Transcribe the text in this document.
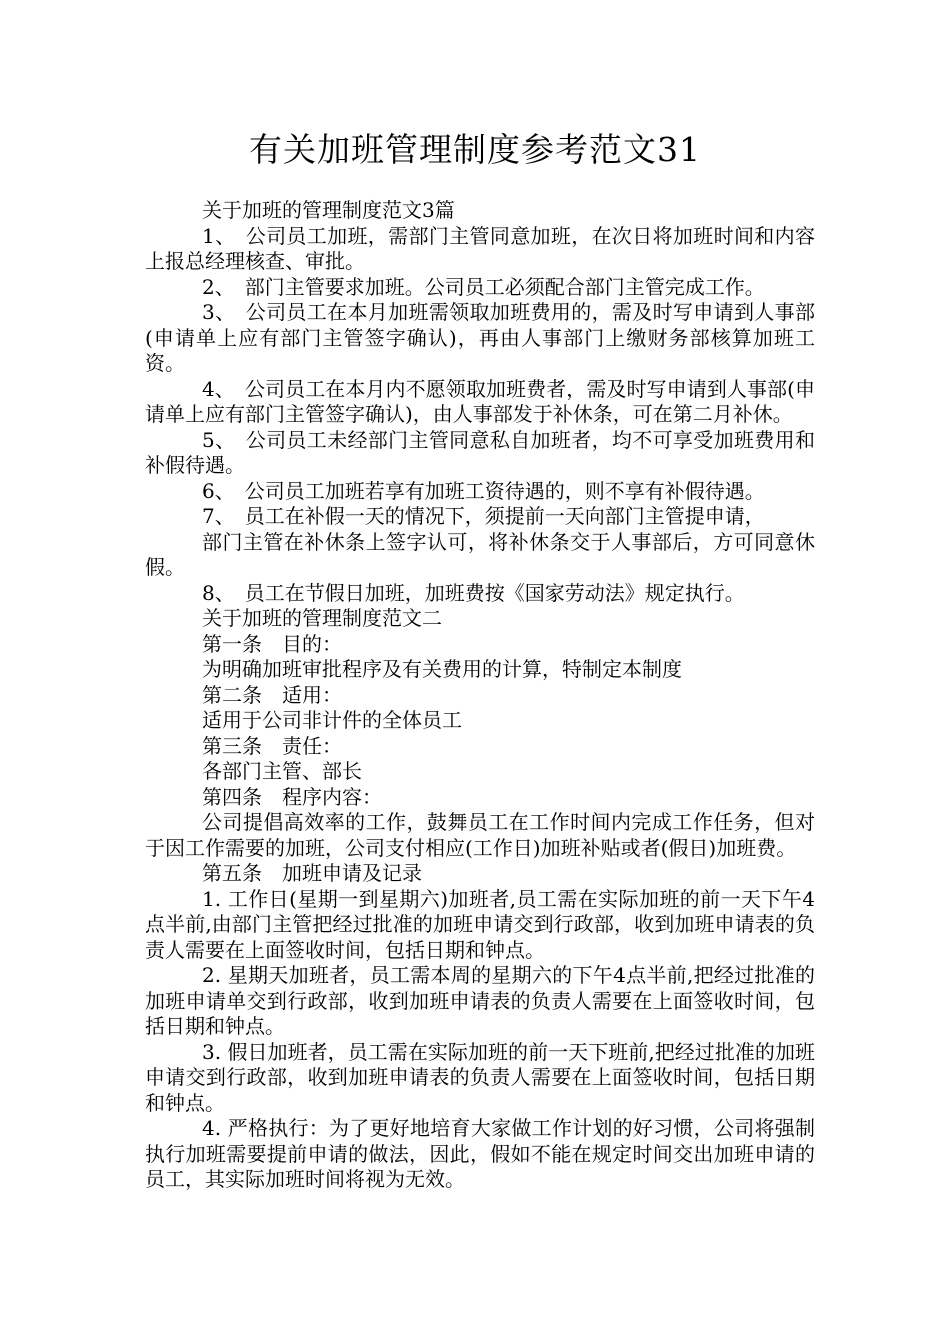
有关加班管理制度参考范文31

关于加班的管理制度范文3篇

1、　公司员工加班，需部门主管同意加班，在次日将加班时间和内容上报总经理核查、审批。

2、　部门主管要求加班。公司员工必须配合部门主管完成工作。

3、　公司员工在本月加班需领取加班费用的，需及时写申请到人事部(申请单上应有部门主管签字确认)，再由人事部门上缴财务部核算加班工资。

4、　公司员工在本月内不愿领取加班费者，需及时写申请到人事部(申请单上应有部门主管签字确认)，由人事部发于补休条，可在第二月补休。

5、　公司员工未经部门主管同意私自加班者，均不可享受加班费用和补假待遇。

6、　公司员工加班若享有加班工资待遇的，则不享有补假待遇。

7、　员工在补假一天的情况下，须提前一天向部门主管提申请，

部门主管在补休条上签字认可，将补休条交于人事部后，方可同意休假。

8、　员工在节假日加班，加班费按《国家劳动法》规定执行。

关于加班的管理制度范文二

第一条　目的：

为明确加班审批程序及有关费用的计算，特制定本制度

第二条　适用：

适用于公司非计件的全体员工

第三条　责任：

各部门主管、部长

第四条　程序内容：

公司提倡高效率的工作，鼓舞员工在工作时间内完成工作任务，但对于因工作需要的加班，公司支付相应(工作日)加班补贴或者(假日)加班费。

第五条　加班申请及记录

1. 工作日(星期一到星期六)加班者,员工需在实际加班的前一天下午4点半前,由部门主管把经过批准的加班申请交到行政部，收到加班申请表的负责人需要在上面签收时间，包括日期和钟点。

2. 星期天加班者，员工需本周的星期六的下午4点半前,把经过批准的加班申请单交到行政部，收到加班申请表的负责人需要在上面签收时间，包括日期和钟点。

3. 假日加班者，员工需在实际加班的前一天下班前,把经过批准的加班申请交到行政部，收到加班申请表的负责人需要在上面签收时间，包括日期和钟点。

4. 严格执行：为了更好地培育大家做工作计划的好习惯，公司将强制执行加班需要提前申请的做法，因此，假如不能在规定时间交出加班申请的员工，其实际加班时间将视为无效。
